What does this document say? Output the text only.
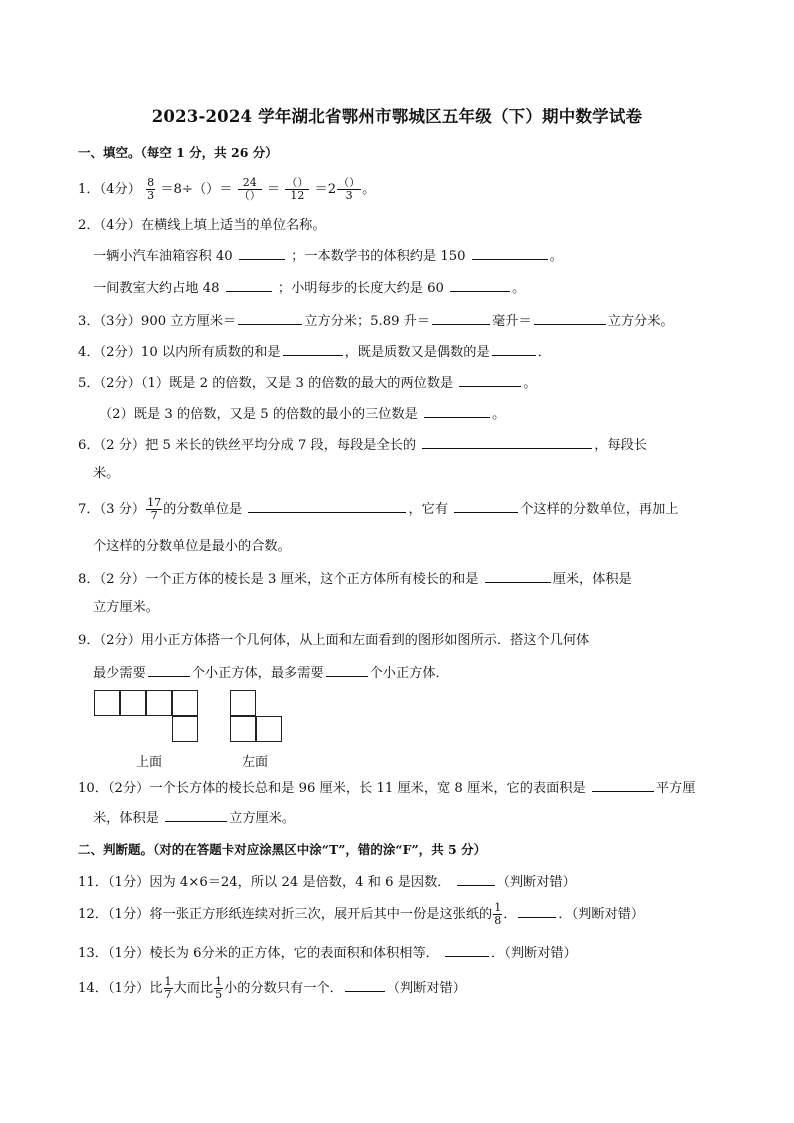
2023-2024 学年湖北省鄂州市鄂城区五年级（下）期中数学试卷
一、填空。（每空 1 分，共 26 分）
1．（4分） $\frac{8}{3} =8\div()= \frac{24}{()} = \frac{()}{12} =2 \frac{()}{3}$ 。
2．（4分）在横线上填上适当的单位名称。
一辆小汽车油箱容积 40	；一本数学书的体积约是 150	。
一间教室大约占地 48	；小明每步的长度大约是 60	。
3．（3分）900 立方厘米＝	立方分米；5.89 升＝	毫升＝	立方分米。
4．（2分）10 以内所有质数的和是	，既是质数又是偶数的是	．
5．（2分）（1）既是 2 的倍数，又是 3 的倍数的最大的两位数是	。
（2）既是 3 的倍数，又是 5 的倍数的最小的三位数是	。
6．（2 分）把 5 米长的铁丝平均分成 7 段，每段是全长的	，每段长
米。
7．（3 分） $\frac{17}{7}$ 的分数单位是	，它有	个这样的分数单位，再加上
个这样的分数单位是最小的合数。
8．（2 分）一个正方体的棱长是 3 厘米，这个正方体所有棱长的和是	厘米，体积是
立方厘米。
9．（2分）用小正方体搭一个几何体，从上面和左面看到的图形如图所示．搭这个几何体
最少需要	个小正方体，最多需要	个小正方体．
上面	左面
10．（2分）一个长方体的棱长总和是 96 厘米，长 11 厘米，宽 8 厘米，它的表面积是	平方厘
米，体积是	立方厘米。
二、判断题。（对的在答题卡对应涂黑区中涂“T”，错的涂“F”，共 5 分）
11．（1分）因为 4×6＝24，所以 24 是倍数，4 和 6 是因数．	（判断对错）
12．（1分）将一张正方形纸连续对折三次，展开后其中一份是这张纸的 $\frac{1}{8}$ ．	．（判断对错）
13．（1分）棱长为 6分米的正方体，它的表面积和体积相等．	．（判断对错）
14．（1分）比 $\frac{1}{7}$ 大而比 $\frac{1}{5}$ 小的分数只有一个．	（判断对错）
